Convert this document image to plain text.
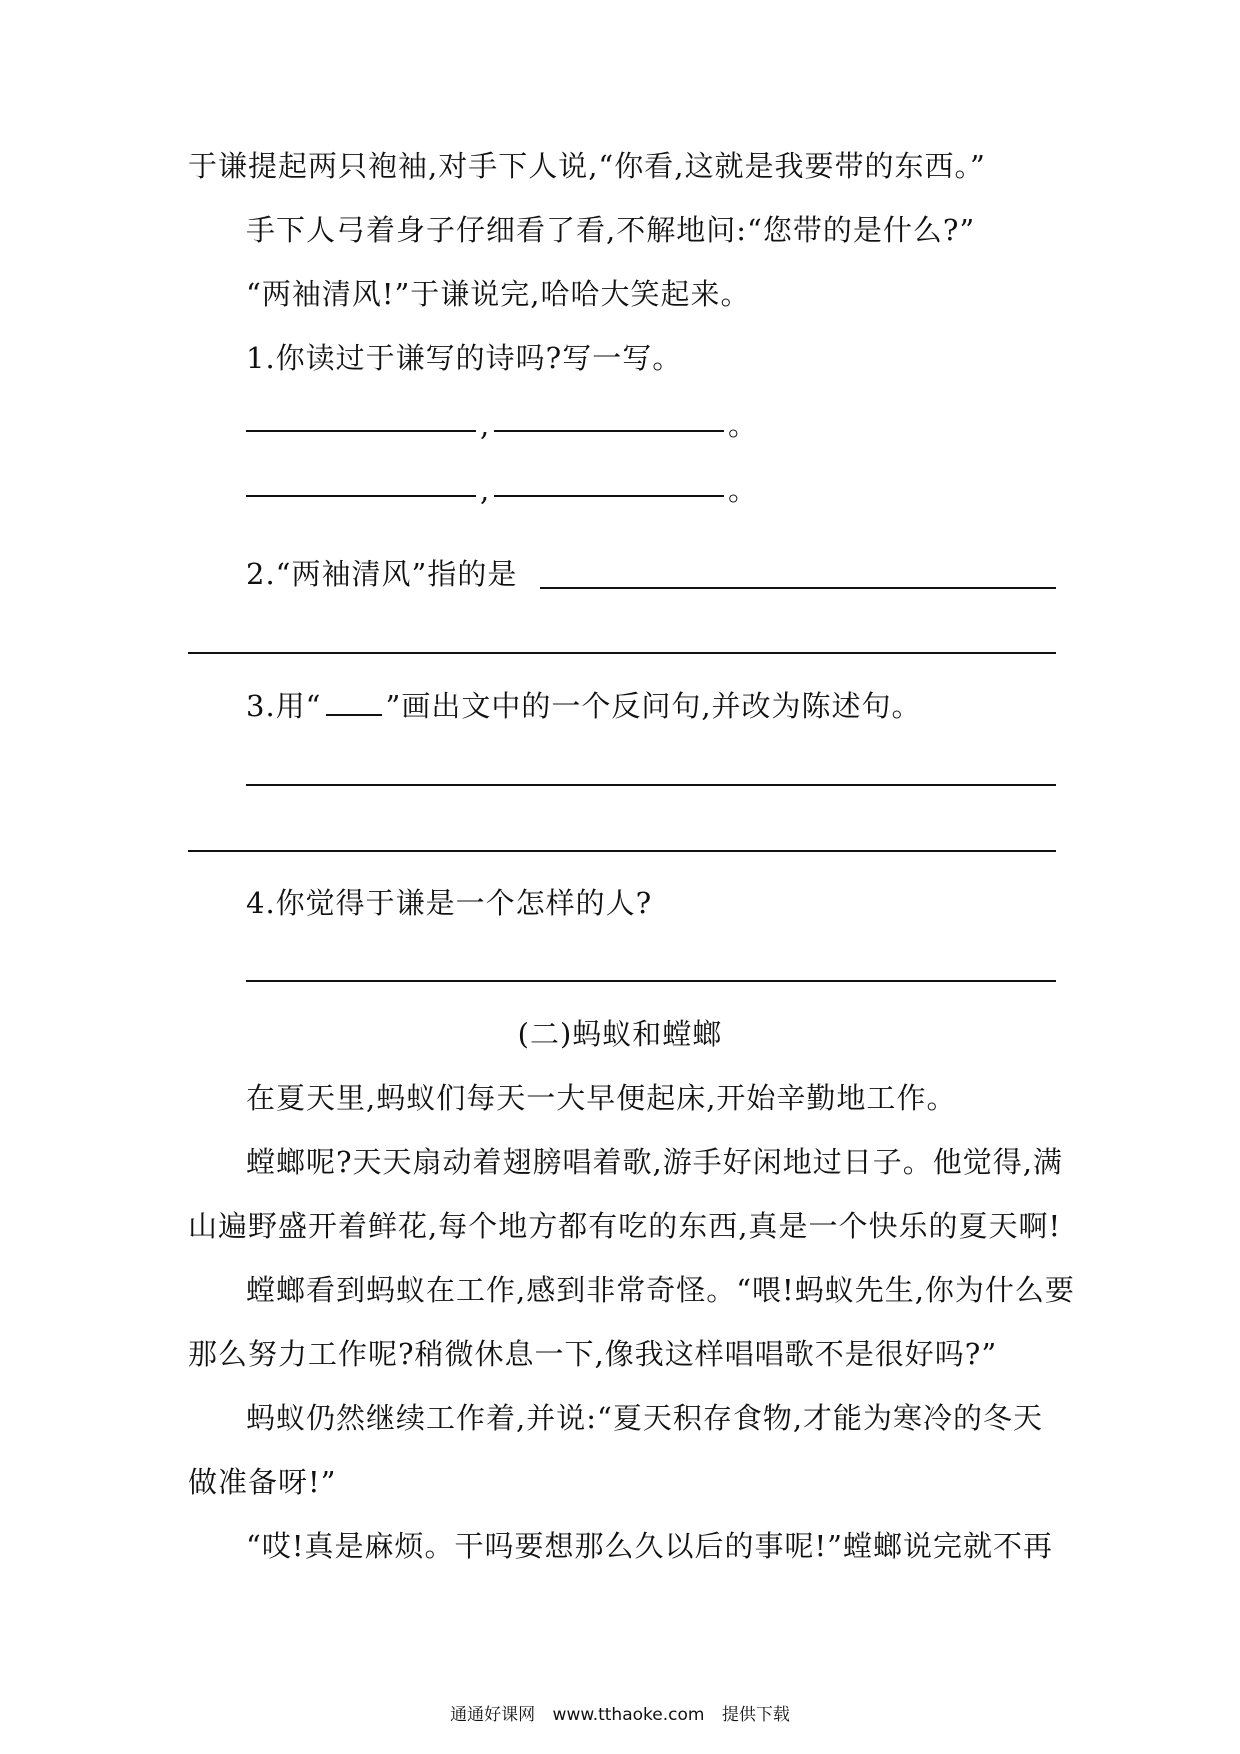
于谦提起两只袍袖,对手下人说,“你看,这就是我要带的东西。”
手下人弓着身子仔细看了看,不解地问:“您带的是什么?”
“两袖清风!”于谦说完,哈哈大笑起来。
1.你读过于谦写的诗吗?写一写。
,	。
,	。
2.“两袖清风”指的是
3.用“ ”画出文中的一个反问句,并改为陈述句。
4.你觉得于谦是一个怎样的人?
(二)蚂蚁和螳螂
在夏天里,蚂蚁们每天一大早便起床,开始辛勤地工作。
螳螂呢?天天扇动着翅膀唱着歌,游手好闲地过日子。他觉得,满
山遍野盛开着鲜花,每个地方都有吃的东西,真是一个快乐的夏天啊!
螳螂看到蚂蚁在工作,感到非常奇怪。“喂!蚂蚁先生,你为什么要
那么努力工作呢?稍微休息一下,像我这样唱唱歌不是很好吗?”
蚂蚁仍然继续工作着,并说:“夏天积存食物,才能为寒冷的冬天
做准备呀!”
“哎!真是麻烦。干吗要想那么久以后的事呢!”螳螂说完就不再
通通好课网 www.tthaoke.com 提供下载
